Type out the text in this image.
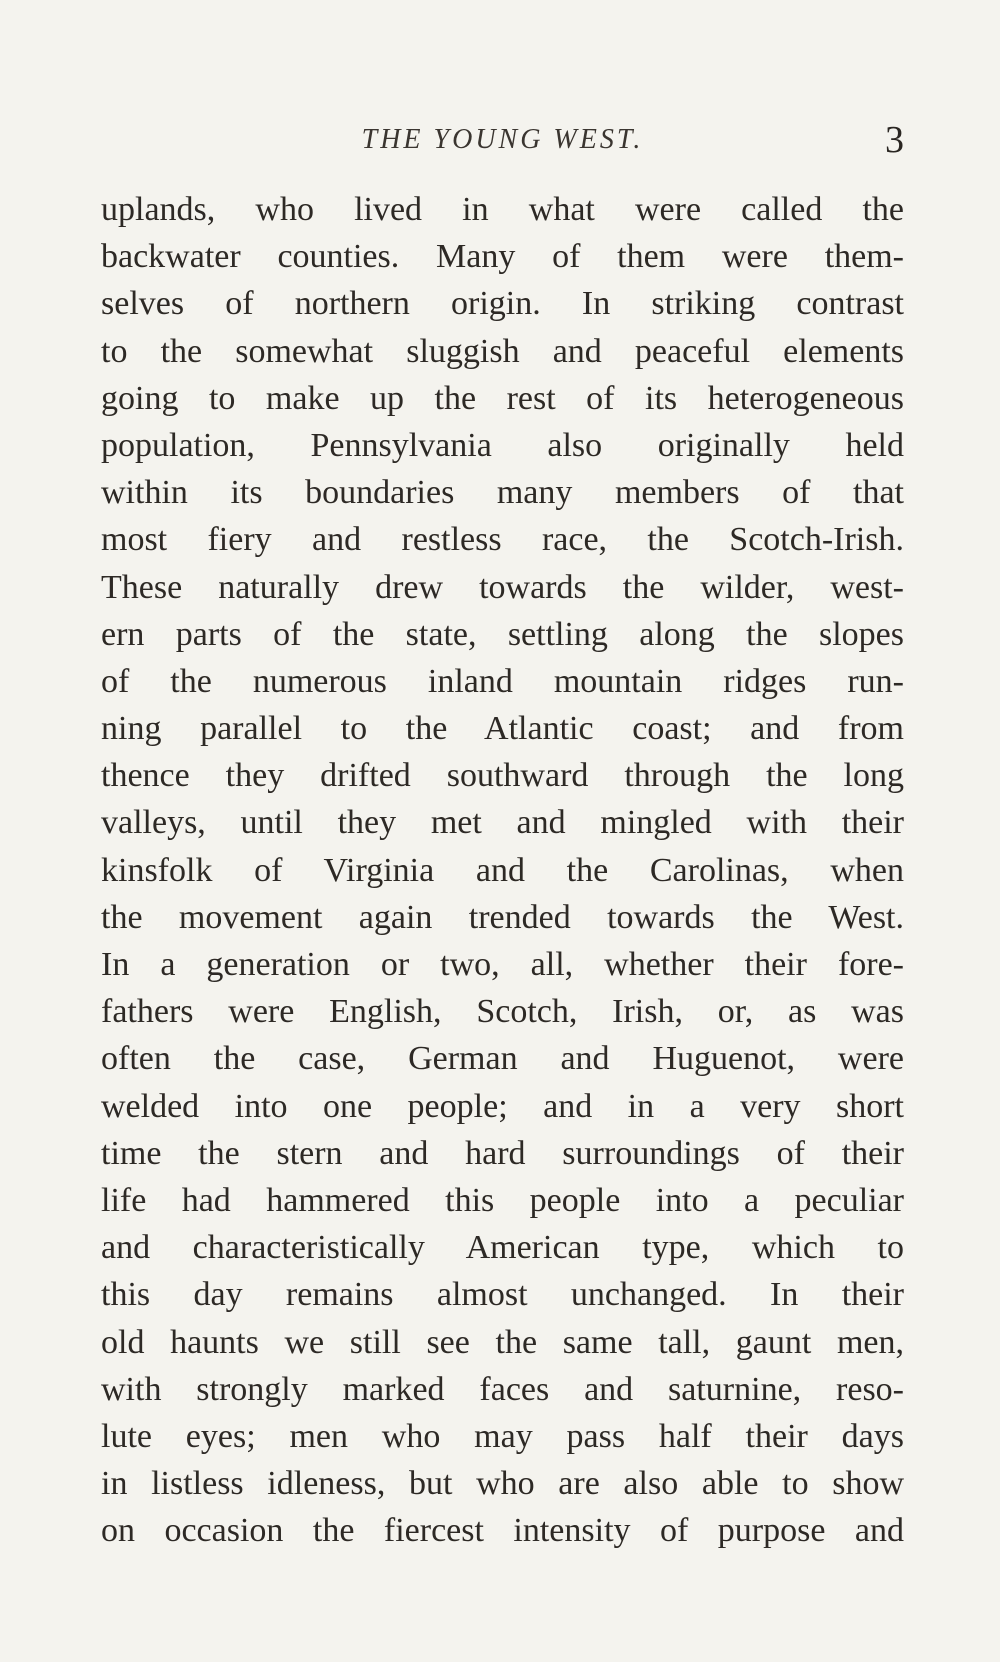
THE YOUNG WEST.	3
uplands, who lived in what were called the
backwater counties. Many of them were them-
selves of northern origin. In striking contrast
to the somewhat sluggish and peaceful elements
going to make up the rest of its heterogeneous
population, Pennsylvania also originally held
within its boundaries many members of that
most fiery and restless race, the Scotch-Irish.
These naturally drew towards the wilder, west-
ern parts of the state, settling along the slopes
of the numerous inland mountain ridges run-
ning parallel to the Atlantic coast; and from
thence they drifted southward through the long
valleys, until they met and mingled with their
kinsfolk of Virginia and the Carolinas, when
the movement again trended towards the West.
In a generation or two, all, whether their fore-
fathers were English, Scotch, Irish, or, as was
often the case, German and Huguenot, were
welded into one people; and in a very short
time the stern and hard surroundings of their
life had hammered this people into a peculiar
and characteristically American type, which to
this day remains almost unchanged. In their
old haunts we still see the same tall, gaunt men,
with strongly marked faces and saturnine, reso-
lute eyes; men who may pass half their days
in listless idleness, but who are also able to show
on occasion the fiercest intensity of purpose and
